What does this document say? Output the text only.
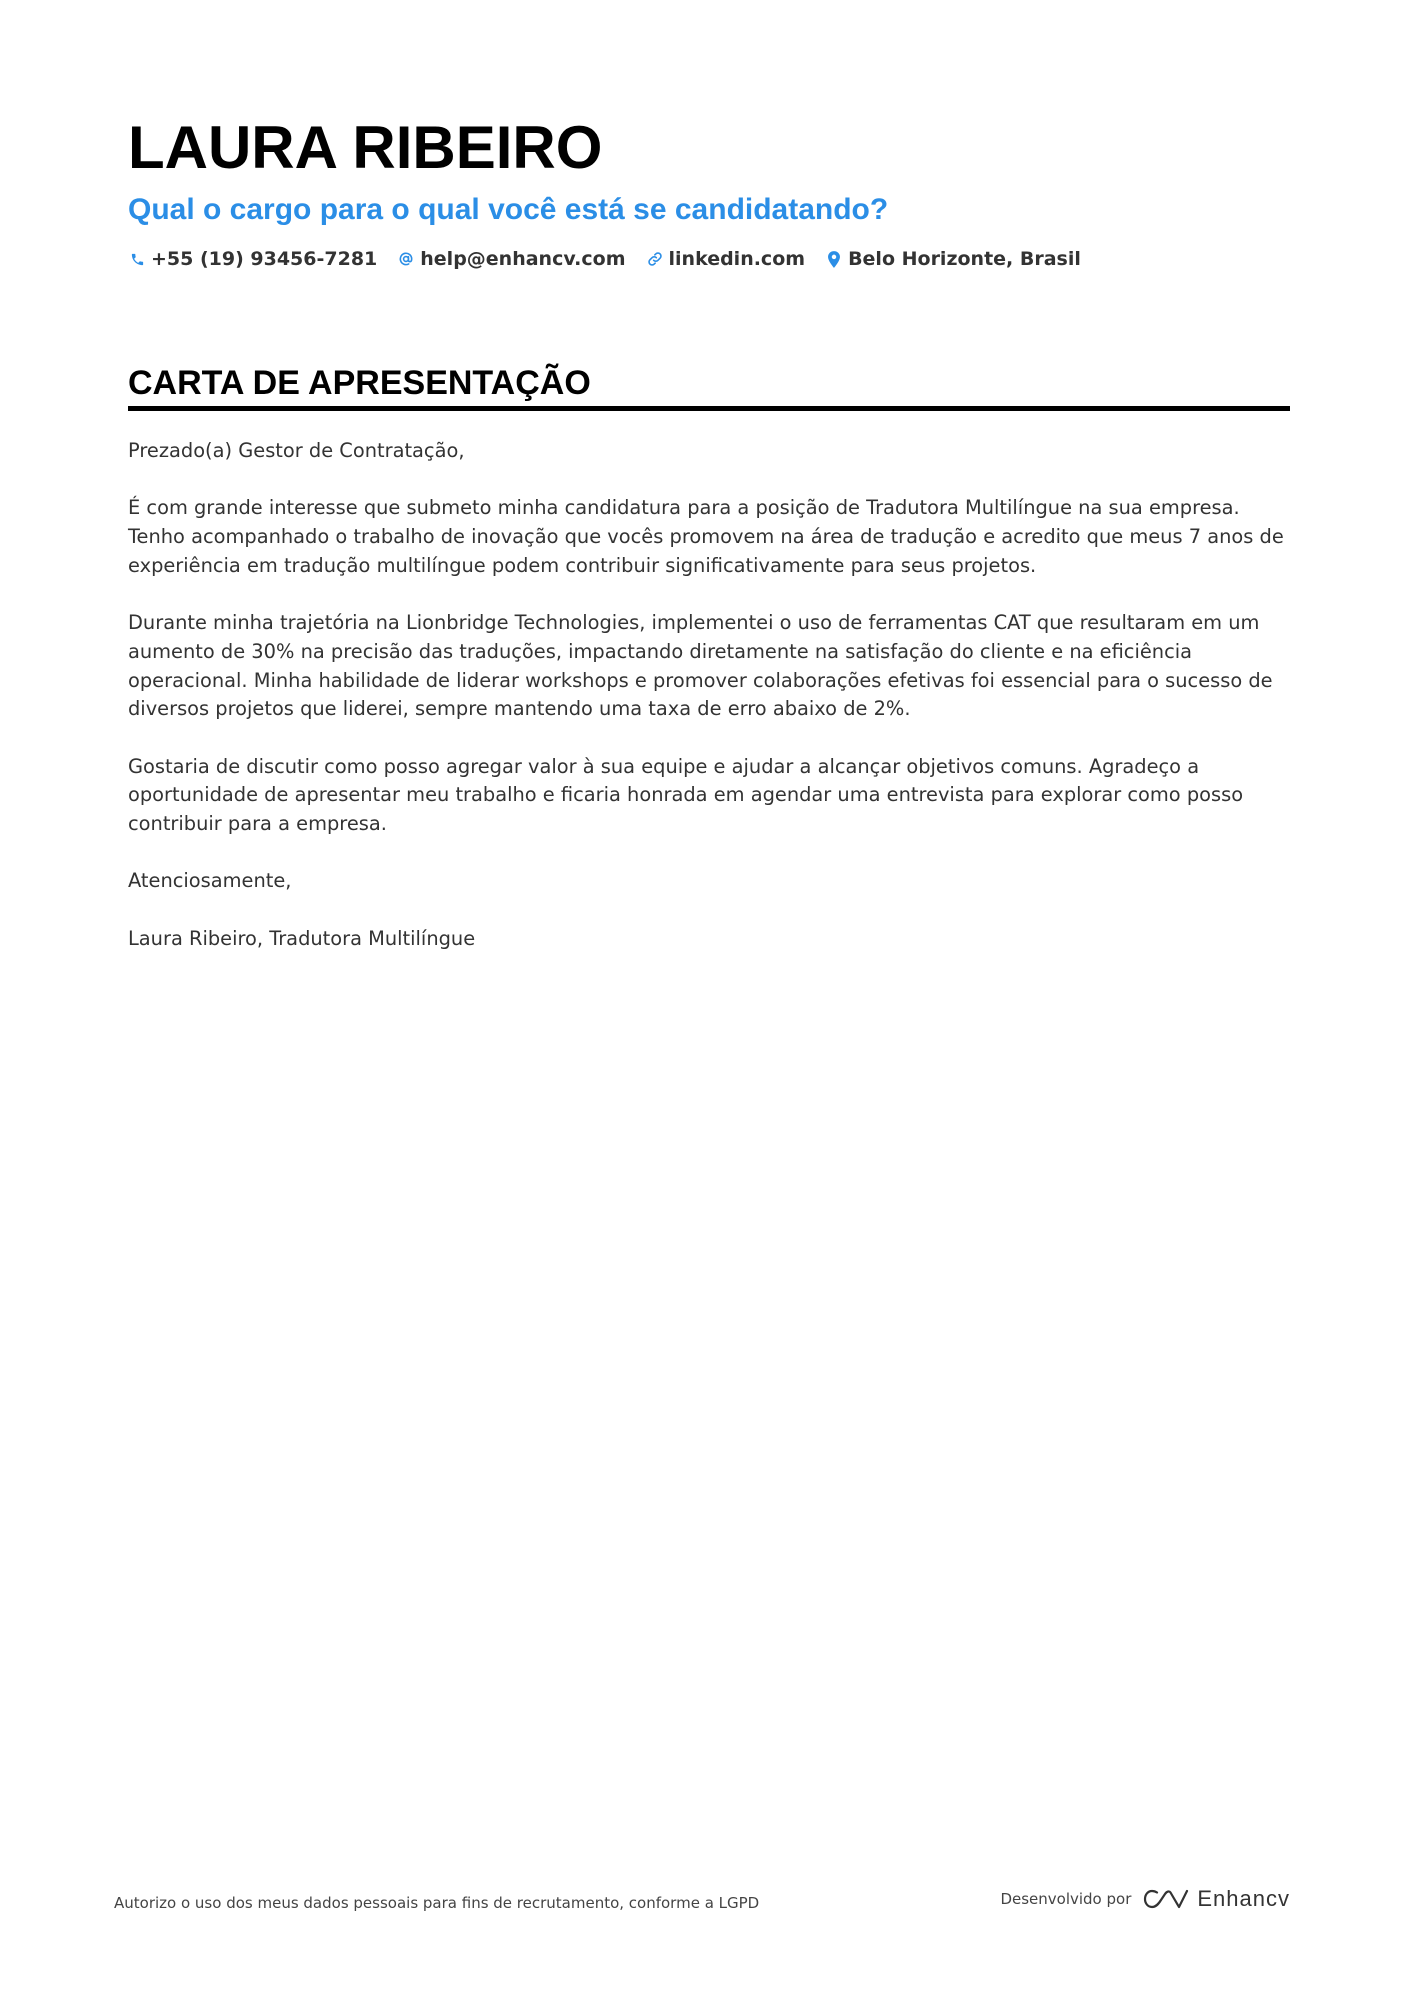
LAURA RIBEIRO
Qual o cargo para o qual você está se candidatando?
+55 (19) 93456-7281 help@enhancv.com linkedin.com Belo Horizonte, Brasil
CARTA DE APRESENTAÇÃO

Prezado(a) Gestor de Contratação,

É com grande interesse que submeto minha candidatura para a posição de Tradutora Multilíngue na sua empresa. Tenho acompanhado o trabalho de inovação que vocês promovem na área de tradução e acredito que meus 7 anos de experiência em tradução multilíngue podem contribuir significativamente para seus projetos.

Durante minha trajetória na Lionbridge Technologies, implementei o uso de ferramentas CAT que resultaram em um aumento de 30% na precisão das traduções, impactando diretamente na satisfação do cliente e na eficiência operacional. Minha habilidade de liderar workshops e promover colaborações efetivas foi essencial para o sucesso de diversos projetos que liderei, sempre mantendo uma taxa de erro abaixo de 2%.

Gostaria de discutir como posso agregar valor à sua equipe e ajudar a alcançar objetivos comuns. Agradeço a oportunidade de apresentar meu trabalho e ficaria honrada em agendar uma entrevista para explorar como posso contribuir para a empresa.

Atenciosamente,

Laura Ribeiro, Tradutora Multilíngue

Autorizo o uso dos meus dados pessoais para fins de recrutamento, conforme a LGPD	Desenvolvido por	Enhancv
